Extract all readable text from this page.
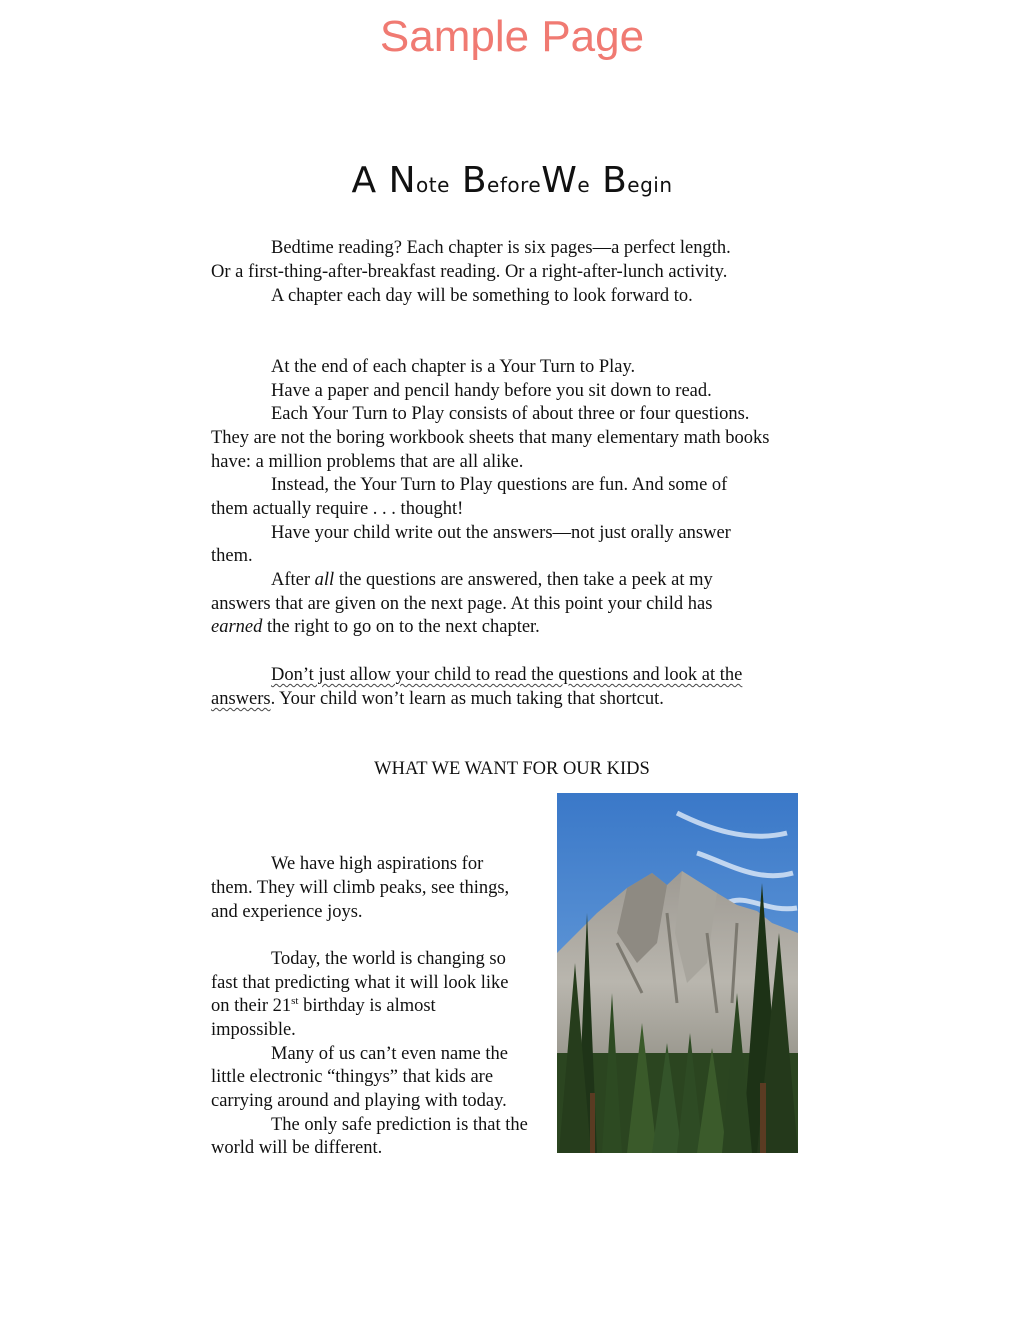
Sample Page
A Note BeforeWe Begin
Bedtime reading? Each chapter is six pages—a perfect length.
Or a first-thing-after-breakfast reading. Or a right-after-lunch activity.
A chapter each day will be something to look forward to.
At the end of each chapter is a Your Turn to Play.
Have a paper and pencil handy before you sit down to read.
Each Your Turn to Play consists of about three or four questions.
They are not the boring workbook sheets that many elementary math books
have: a million problems that are all alike.
Instead, the Your Turn to Play questions are fun. And some of
them actually require . . . thought!
Have your child write out the answers—not just orally answer
them.
After all the questions are answered, then take a peek at my
answers that are given on the next page. At this point your child has
earned the right to go on to the next chapter.
Don’t just allow your child to read the questions and look at the
answers. Your child won’t learn as much taking that shortcut.
WHAT WE WANT FOR OUR KIDS
We have high aspirations for
them. They will climb peaks, see things,
and experience joys.
Today, the world is changing so
fast that predicting what it will look like
on their 21st birthday is almost
impossible.
Many of us can’t even name the
little electronic “thingys” that kids are
carrying around and playing with today.
The only safe prediction is that the
world will be different.
